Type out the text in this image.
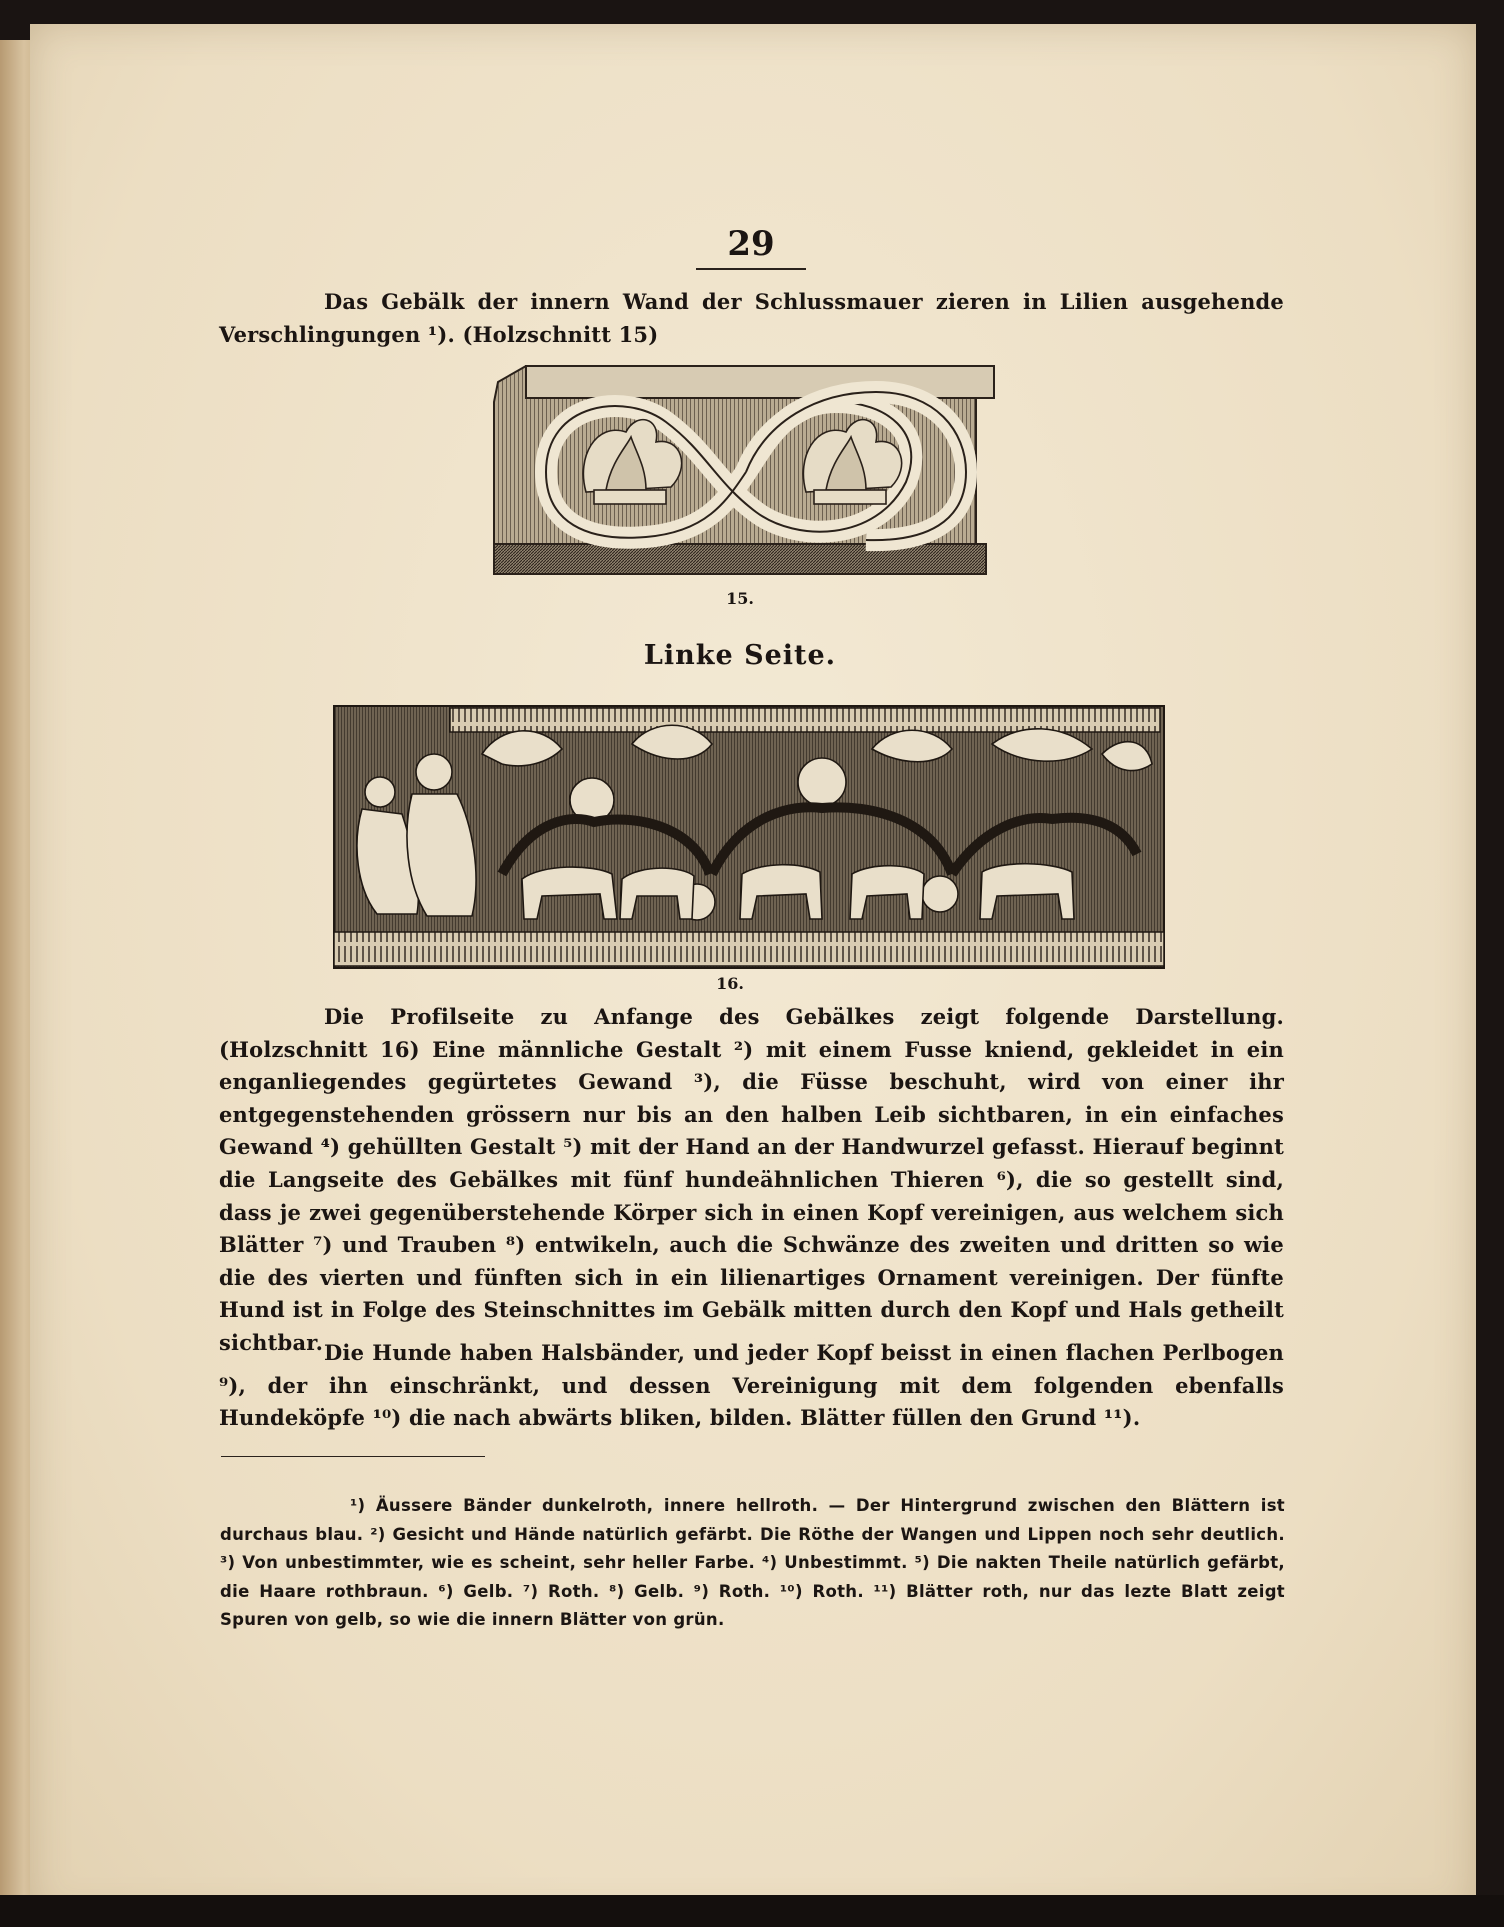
29
Das Gebälk der innern Wand der Schlussmauer zieren in Lilien ausgehende Verschlingungen ¹). (Holzschnitt 15)
15.
Linke Seite.
16.
Die Profilseite zu Anfange des Gebälkes zeigt folgende Darstellung. (Holzschnitt 16) Eine männliche Gestalt ²) mit einem Fusse kniend, gekleidet in ein enganliegendes gegürtetes Gewand ³), die Füsse beschuht, wird von einer ihr entgegenstehenden grössern nur bis an den halben Leib sichtbaren, in ein einfaches Gewand ⁴) gehüllten Gestalt ⁵) mit der Hand an der Handwurzel gefasst. Hierauf beginnt die Langseite des Gebälkes mit fünf hundeähnlichen Thieren ⁶), die so gestellt sind, dass je zwei gegenüberstehende Körper sich in einen Kopf vereinigen, aus welchem sich Blätter ⁷) und Trauben ⁸) entwikeln, auch die Schwänze des zweiten und dritten so wie die des vierten und fünften sich in ein lilienartiges Ornament vereinigen. Der fünfte Hund ist in Folge des Steinschnittes im Gebälk mitten durch den Kopf und Hals getheilt sichtbar. Die Hunde haben Halsbänder, und jeder Kopf beisst in einen flachen Perlbogen ⁹), der ihn einschränkt, und dessen Vereinigung mit dem folgenden ebenfalls Hundeköpfe ¹⁰) die nach abwärts bliken, bilden. Blätter füllen den Grund ¹¹).
¹) Äussere Bänder dunkelroth, innere hellroth. — Der Hintergrund zwischen den Blättern ist durchaus blau. ²) Gesicht und Hände natürlich gefärbt. Die Röthe der Wangen und Lippen noch sehr deutlich. ³) Von unbestimmter, wie es scheint, sehr heller Farbe. ⁴) Unbestimmt. ⁵) Die nakten Theile natürlich gefärbt, die Haare rothbraun. ⁶) Gelb. ⁷) Roth. ⁸) Gelb. ⁹) Roth. ¹⁰) Roth. ¹¹) Blätter roth, nur das lezte Blatt zeigt Spuren von gelb, so wie die innern Blätter von grün.
